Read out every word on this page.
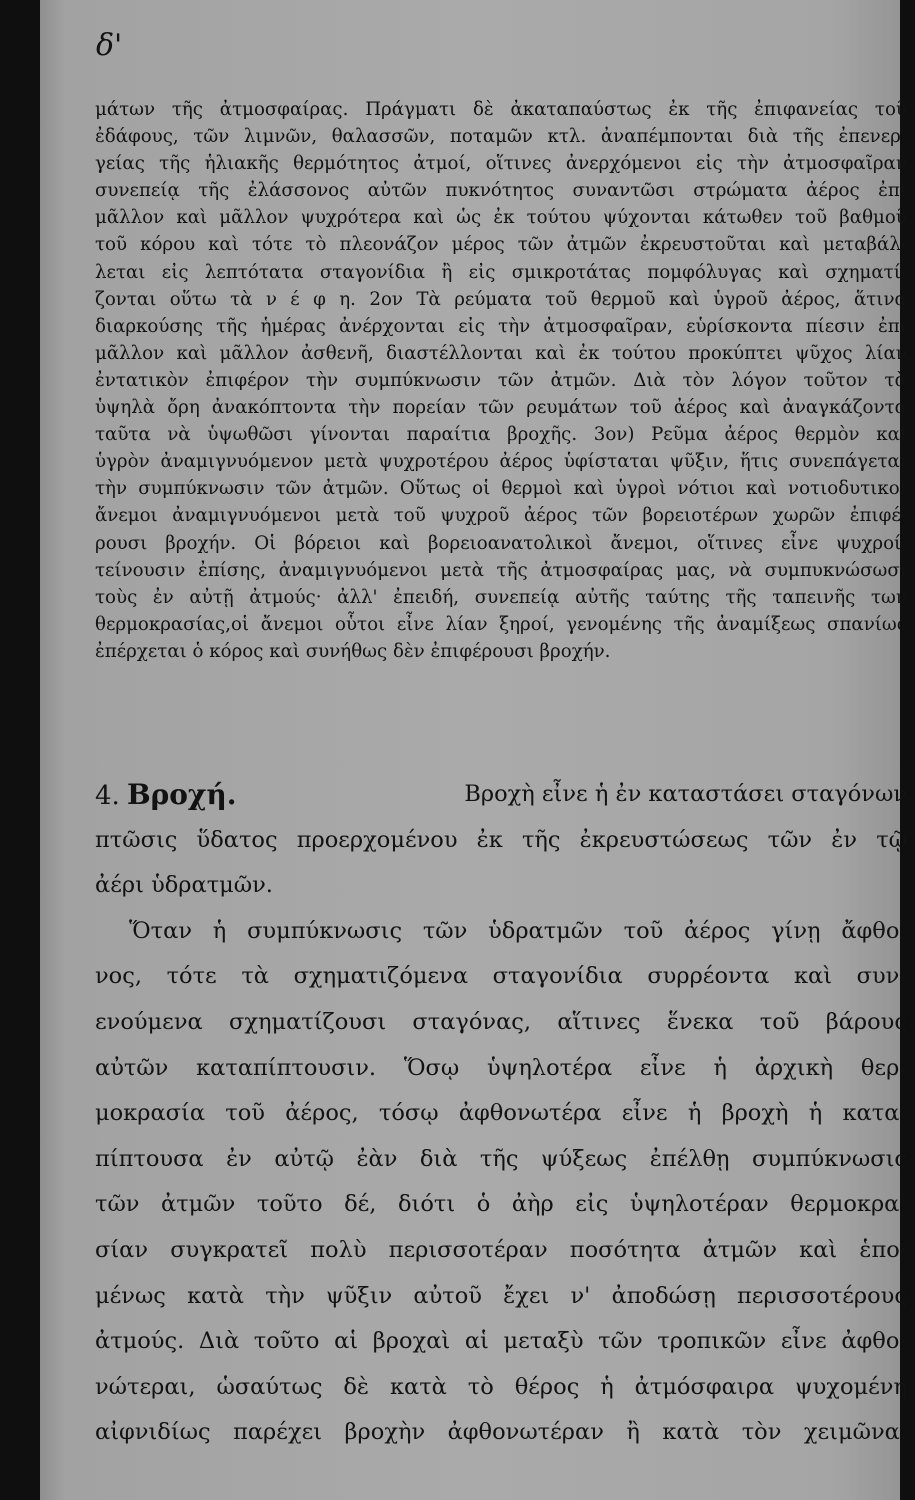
δ'
μάτων τῆς ἀτμοσφαίρας. Πράγματι δὲ ἀκαταπαύστως ἐκ τῆς ἐπιφανείας τοῦ
ἐδάφους, τῶν λιμνῶν, θαλασσῶν, ποταμῶν κτλ. ἀναπέμπονται διὰ τῆς ἐπενερ-
γείας τῆς ἡλιακῆς θερμότητος ἀτμοί, οἵτινες ἀνερχόμενοι εἰς τὴν ἀτμοσφαῖραν
συνεπείᾳ τῆς ἐλάσσονος αὐτῶν πυκνότητος συναντῶσι στρώματα ἀέρος ἐπὶ
μᾶλλον καὶ μᾶλλον ψυχρότερα καὶ ὡς ἐκ τούτου ψύχονται κάτωθεν τοῦ βαθμοῦ
τοῦ κόρου καὶ τότε τὸ πλεονάζον μέρος τῶν ἀτμῶν ἐκρευστοῦται καὶ μεταβάλ-
λεται εἰς λεπτότατα σταγονίδια ἢ εἰς σμικροτάτας πομφόλυγας καὶ σχηματί-
ζονται οὕτω τὰ ν έ φ η. 2ον Τὰ ρεύματα τοῦ θερμοῦ καὶ ὑγροῦ ἀέρος, ἅτινα
διαρκούσης τῆς ἡμέρας ἀνέρχονται εἰς τὴν ἀτμοσφαῖραν, εὑρίσκοντα πίεσιν ἐπὶ
μᾶλλον καὶ μᾶλλον ἀσθενῆ, διαστέλλονται καὶ ἐκ τούτου προκύπτει ψῦχος λίαν
ἐντατικὸν ἐπιφέρον τὴν συμπύκνωσιν τῶν ἀτμῶν. Διὰ τὸν λόγον τοῦτον τὰ
ὑψηλὰ ὄρη ἀνακόπτοντα τὴν πορείαν τῶν ρευμάτων τοῦ ἀέρος καὶ ἀναγκάζοντα
ταῦτα νὰ ὑψωθῶσι γίνονται παραίτια βροχῆς. 3ον) Ρεῦμα ἀέρος θερμὸν καὶ
ὑγρὸν ἀναμιγνυόμενον μετὰ ψυχροτέρου ἀέρος ὑφίσταται ψῦξιν, ἥτις συνεπάγεται
τὴν συμπύκνωσιν τῶν ἀτμῶν. Οὕτως οἱ θερμοὶ καὶ ὑγροὶ νότιοι καὶ νοτιοδυτικοὶ
ἄνεμοι ἀναμιγνυόμενοι μετὰ τοῦ ψυχροῦ ἀέρος τῶν βορειοτέρων χωρῶν ἐπιφέ-
ρουσι βροχήν. Οἱ βόρειοι καὶ βορειοανατολικοὶ ἄνεμοι, οἵτινες εἶνε ψυχροί,
τείνουσιν ἐπίσης, ἀναμιγνυόμενοι μετὰ τῆς ἀτμοσφαίρας μας, νὰ συμπυκνώσωσι
τοὺς ἐν αὐτῇ ἀτμούς· ἀλλ' ἐπειδή, συνεπείᾳ αὐτῆς ταύτης τῆς ταπεινῆς των
θερμοκρασίας,οἱ ἄνεμοι οὗτοι εἶνε λίαν ξηροί, γενομένης τῆς ἀναμίξεως σπανίως
ἐπέρχεται ὁ κόρος καὶ συνήθως δὲν ἐπιφέρουσι βροχήν.
4. Βροχή.	Βροχὴ εἶνε ἡ ἐν καταστάσει σταγόνων
πτῶσις ὕδατος προερχομένου ἐκ τῆς ἐκρευστώσεως τῶν ἐν τῷ
ἀέρι ὑδρατμῶν.
Ὅταν ἡ συμπύκνωσις τῶν ὑδρατμῶν τοῦ ἀέρος γίνῃ ἄφθο-
νος, τότε τὰ σχηματιζόμενα σταγονίδια συρρέοντα καὶ συν-
ενούμενα σχηματίζουσι σταγόνας, αἵτινες ἕνεκα τοῦ βάρους
αὐτῶν καταπίπτουσιν. Ὅσῳ ὑψηλοτέρα εἶνε ἡ ἀρχικὴ θερ-
μοκρασία τοῦ ἀέρος, τόσῳ ἀφθονωτέρα εἶνε ἡ βροχὴ ἡ κατα-
πίπτουσα ἐν αὐτῷ ἐὰν διὰ τῆς ψύξεως ἐπέλθῃ συμπύκνωσις
τῶν ἀτμῶν τοῦτο δέ, διότι ὁ ἀὴρ εἰς ὑψηλοτέραν θερμοκρα-
σίαν συγκρατεῖ πολὺ περισσοτέραν ποσότητα ἀτμῶν καὶ ἑπο·
μένως κατὰ τὴν ψῦξιν αὐτοῦ ἔχει ν' ἀποδώσῃ περισσοτέρους
ἀτμούς. Διὰ τοῦτο αἱ βροχαὶ αἱ μεταξὺ τῶν τροπικῶν εἶνε ἀφθο-
νώτεραι, ὡσαύτως δὲ κατὰ τὸ θέρος ἡ ἀτμόσφαιρα ψυχομένη
αἰφνιδίως παρέχει βροχὴν ἀφθονωτέραν ἢ κατὰ τὸν χειμῶνα.
